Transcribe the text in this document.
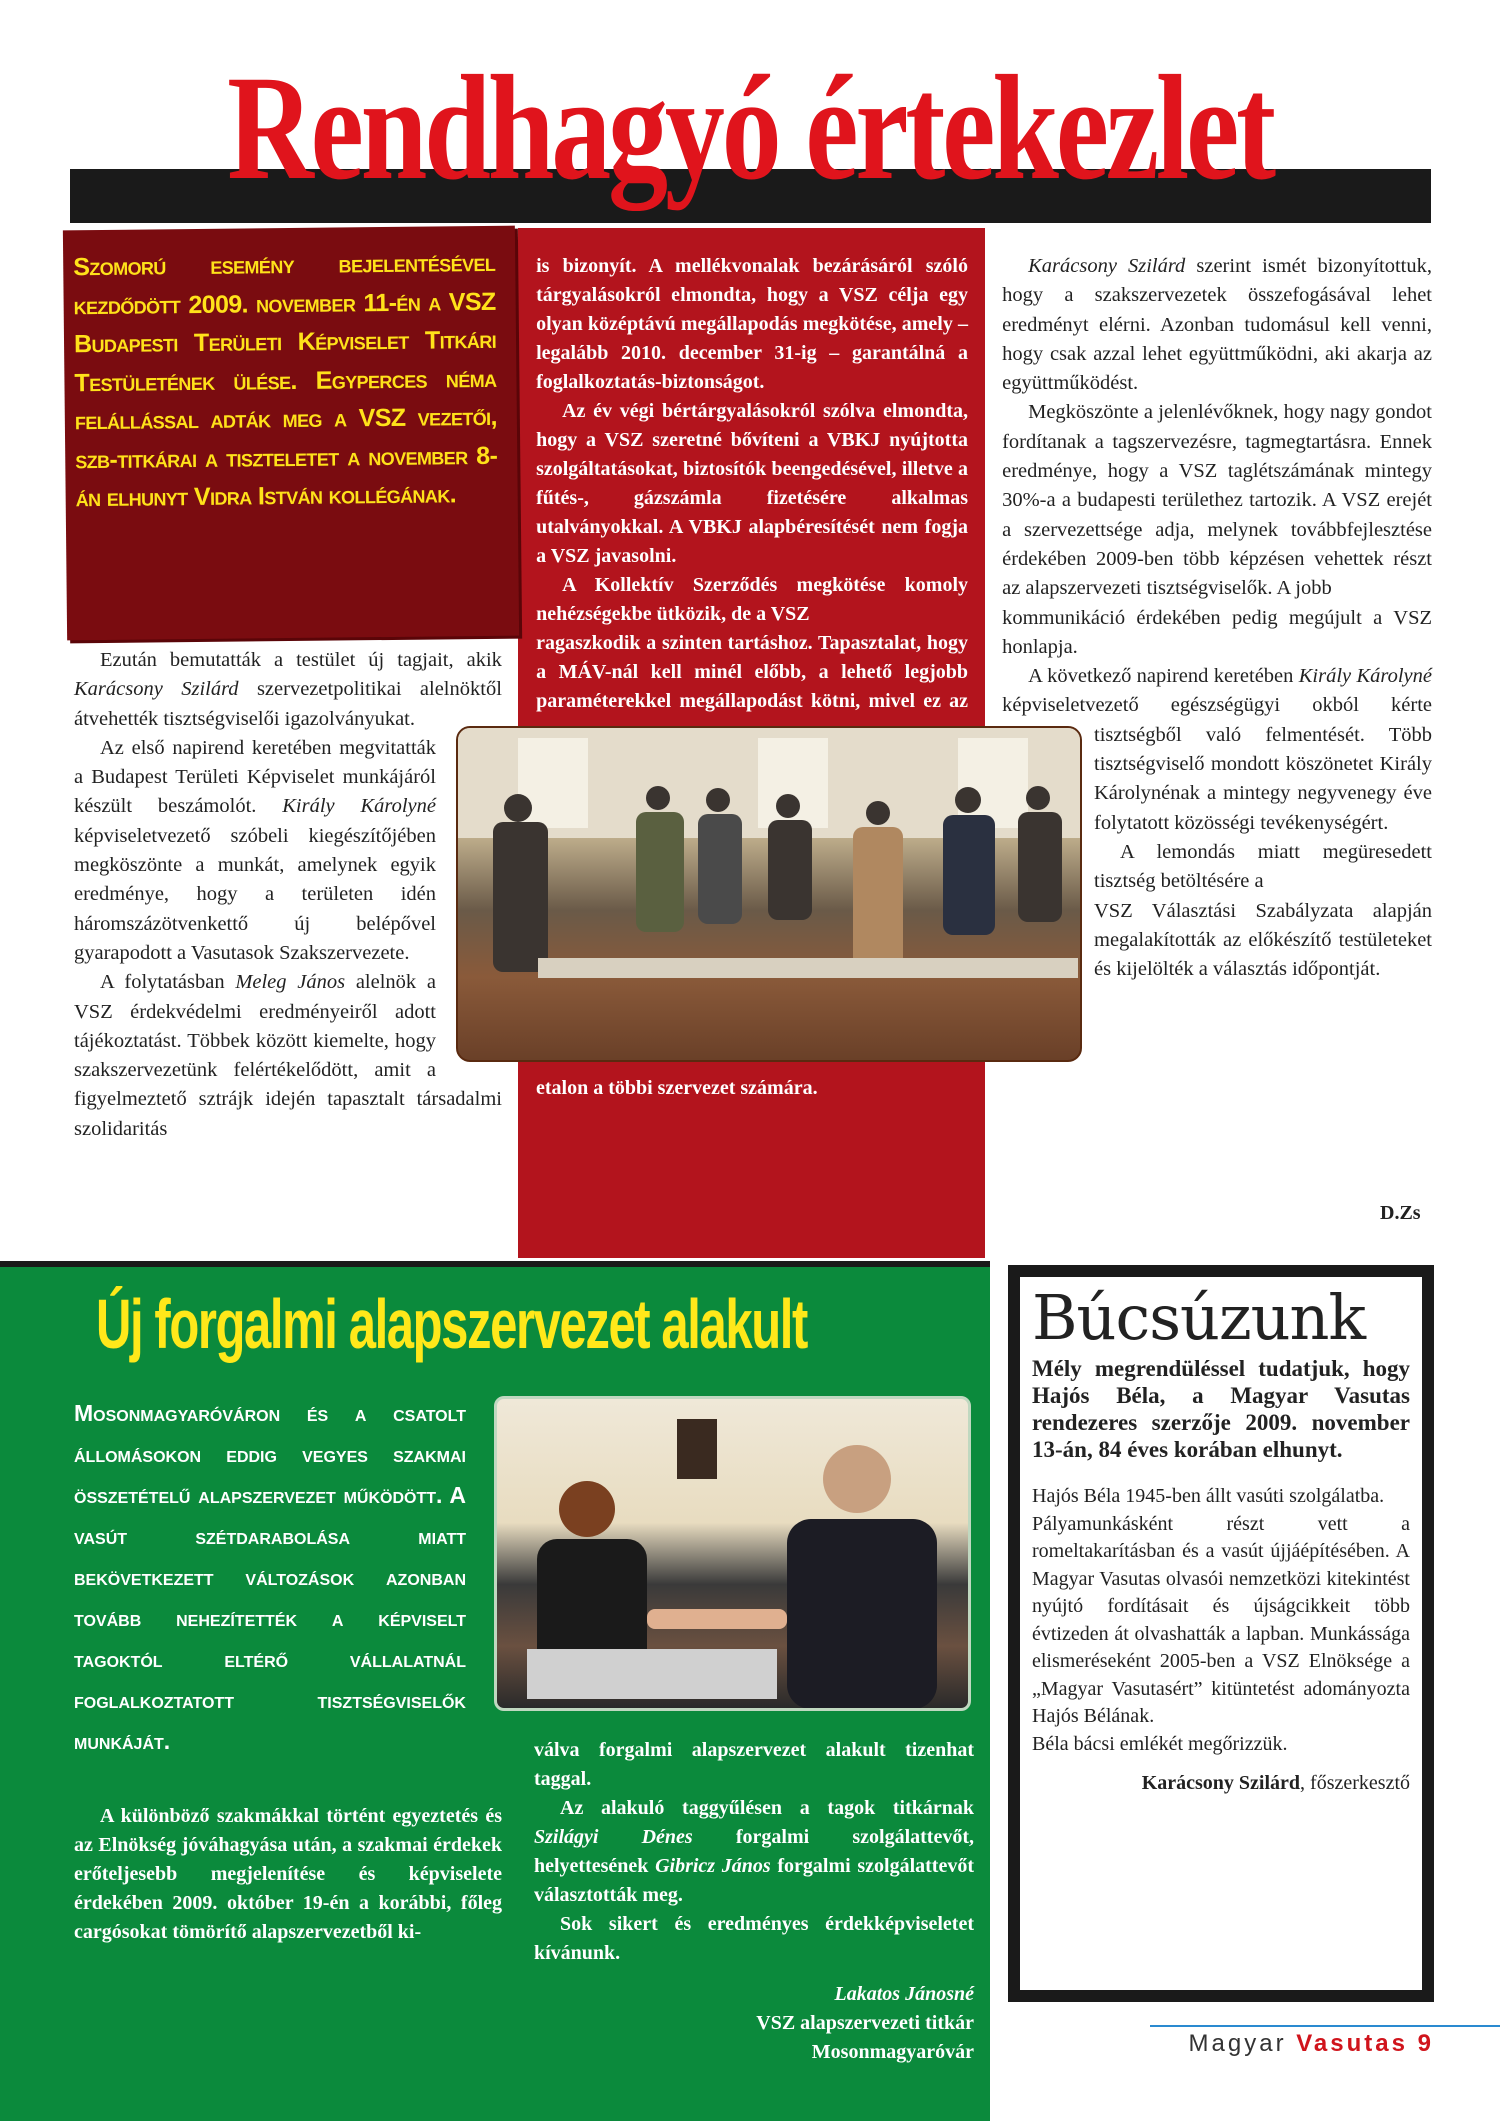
Rendhagyó értekezlet

Szomorú esemény bejelentésével kezdődött 2009. november 11-én a VSZ Budapesti Területi Képviselet Titkári Testületének ülése. Egyperces néma felállással adták meg a VSZ vezetői, szb-titkárai a tiszteletet a november 8-án elhunyt Vidra István kollégának.

is bizonyít. A mellékvonalak bezárásáról szóló tárgyalásokról elmondta, hogy a VSZ célja egy olyan középtávú megállapodás megkötése, amely – legalább 2010. december 31-ig – garantálná a foglalkoztatás-biztonságot.

Az év végi bértárgyalásokról szólva elmondta, hogy a VSZ szeretné bővíteni a VBKJ nyújtotta szolgáltatásokat, biztosítók beengedésével, illetve a fűtés-, gázszámla fizetésére alkalmas utalványokkal. A VBKJ alapbéresítését nem fogja a VSZ javasolni.

A Kollektív Szerződés megkötése komoly nehézségekbe ütközik, de a VSZ

ragaszkodik a szinten tartáshoz. Tapasztalat, hogy a MÁV-nál kell minél előbb, a lehető legjobb paraméterekkel megállapodást kötni, mivel ez az etalon a többi szervezet számára.

Ezután bemutatták a testület új tagjait, akik Karácsony Szilárd szervezetpolitikai alelnöktől átvehették tisztségviselői igazolványukat.

Az első napirend keretében megvitatták a Budapest Területi Képviselet munkájáról készült beszámolót. Király Károlyné képviseletvezető szóbeli kiegészítőjében megköszönte a munkát, amelynek egyik eredménye, hogy a területen idén háromszázötvenkettő új belépővel gyarapodott a Vasutasok Szakszervezete.

A folytatásban Meleg János alelnök a VSZ érdekvédelmi eredményeiről adott tájékoztatást. Többek között kiemelte, hogy szakszervezetünk felértékelődött, amit a figyelmeztető sztrájk idején tapasztalt társadalmi szolidaritás

Karácsony Szilárd szerint ismét bizonyítottuk, hogy a szakszervezetek összefogásával lehet eredményt elérni. Azonban tudomásul kell venni, hogy csak azzal lehet együttműködni, aki akarja az együttműködést.

Megköszönte a jelenlévőknek, hogy nagy gondot fordítanak a tagszervezésre, tagmegtartásra. Ennek eredménye, hogy a VSZ taglétszámának mintegy 30%-a a budapesti területhez tartozik. A VSZ erejét a szervezettsége adja, melynek továbbfejlesztése érdekében 2009-ben több képzésen vehettek részt az alapszervezeti tisztségviselők. A jobb

kommunikáció érdekében pedig megújult a VSZ honlapja.

A következő napirend keretében Király Károlyné képviseletvezető egészségügyi okból kérte tisztségből való felmentését. Több tisztségviselő mondott köszönetet Király Károlynénak a mintegy negyvenegy éve folytatott közösségi tevékenységért.

A lemondás miatt megüresedett tisztség betöltésére a

VSZ Választási Szabályzata alapján megalakították az előkészítő testületeket és kijelölték a választás időpontját.

D.Zs
Új forgalmi alapszervezet alakult
Mosonmagyaróváron és a csatolt állomásokon eddig vegyes szakmai összetételű alapszervezet működött. A vasút szétdarabolása miatt bekövetkezett változások azonban tovább nehezítették a képviselt tagoktól eltérő vállalatnál foglalkoztatott tisztségviselők munkáját.

A különböző szakmákkal történt egyeztetés és az Elnökség jóváhagyása után, a szakmai érdekek erőteljesebb megjelenítése és képviselete érdekében 2009. október 19-én a korábbi, főleg cargósokat tömörítő alapszervezetből ki-

válva forgalmi alapszervezet alakult tizenhat taggal.

Az alakuló taggyűlésen a tagok titkárnak Szilágyi Dénes forgalmi szolgálattevőt, helyettesének Gibricz János forgalmi szolgálattevőt választották meg.

Sok sikert és eredményes érdekképviseletet kívánunk.

Lakatos Jánosné
VSZ alapszervezeti titkár
Mosonmagyaróvár
Búcsúzunk
Mély megrendüléssel tudatjuk, hogy Hajós Béla, a Magyar Vasutas rendezeres szerzője 2009. november 13-án, 84 éves korában elhunyt.

Hajós Béla 1945-ben állt vasúti szolgálatba.

Pályamunkásként részt vett a romeltakarításban és a vasút újjáépítésében. A Magyar Vasutas olvasói nemzetközi kitekintést nyújtó fordításait és újságcikkeit több évtizeden át olvashatták a lapban. Munkássága elismeréseként 2005-ben a VSZ Elnöksége a „Magyar Vasutasért” kitüntetést adományozta Hajós Bélának.

Béla bácsi emlékét megőrizzük.

Karácsony Szilárd, főszerkesztő
Magyar Vasutas 9
